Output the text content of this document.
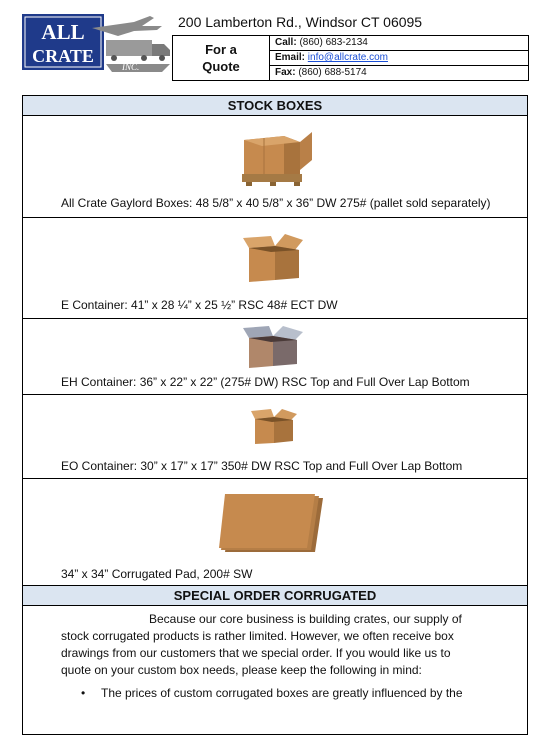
ALL
CRATE
INC.
200 Lamberton Rd., Windsor CT 06095
For a
Quote
Call: (860) 683-2134
Email: info@allcrate.com
Fax: (860) 688-5174
STOCK BOXES
All Crate Gaylord Boxes: 48 5/8” x 40 5/8” x 36” DW 275# (pallet sold separately)
E Container: 41” x 28 ¼” x 25 ½” RSC 48# ECT DW
EH Container: 36” x 22” x 22” (275# DW) RSC Top and Full Over Lap Bottom
EO Container: 30” x 17” x 17” 350# DW RSC Top and Full Over Lap Bottom
34” x 34” Corrugated Pad, 200# SW
SPECIAL ORDER CORRUGATED
Because our core business is building crates, our supply of
stock corrugated products is rather limited. However, we often receive box
drawings from our customers that we special order. If you would like us to
quote on your custom box needs, please keep the following in mind:
• The prices of custom corrugated boxes are greatly influenced by the
